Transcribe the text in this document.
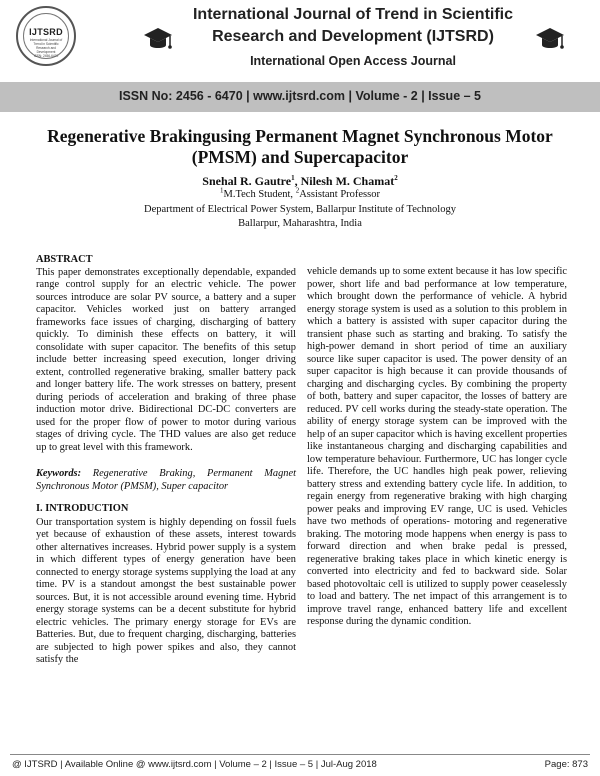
IJTSRD
International Journal of Trend in Scientific Research and Development
ISSN: 2456-6470
International Journal of Trend in Scientific
Research and Development (IJTSRD)
International Open Access Journal
ISSN No: 2456 - 6470 | www.ijtsrd.com | Volume - 2 | Issue – 5
Regenerative Brakingusing Permanent Magnet Synchronous Motor
(PMSM) and Supercapacitor
Snehal R. Gautre$^1$, Nilesh M. Chamat$^2$
$^1$M.Tech Student, $^2$Assistant Professor
Department of Electrical Power System, Ballarpur Institute of Technology
Ballarpur, Maharashtra, India
ABSTRACT

This paper demonstrates exceptionally dependable, expanded range control supply for an electric vehicle. The power sources introduce are solar PV source, a battery and a super capacitor. Vehicles worked just on battery arranged frameworks face issues of charging, discharging of battery quickly. To diminish these effects on battery, it will consolidate with super capacitor. The benefits of this setup include better increasing speed execution, longer driving extent, controlled regenerative braking, smaller battery pack and longer battery life. The work stresses on battery, present during periods of acceleration and braking of three phase induction motor drive. Bidirectional DC-DC converters are used for the proper flow of power to motor during various stages of driving cycle. The THD values are also get reduce up to great level with this framework.

Keywords: Regenerative Braking, Permanent Magnet Synchronous Motor (PMSM), Super capacitor

I. INTRODUCTION

Our transportation system is highly depending on fossil fuels yet because of exhaustion of these assets, interest towards other alternatives increases. Hybrid power supply is a system in which different types of energy generation have been connected to energy storage systems supplying the load at any time. PV is a standout amongst the best sustainable power sources. But, it is not accessible around evening time. Hybrid energy storage systems can be a decent substitute for hybrid electric vehicles. The primary energy storage for EVs are Batteries. But, due to frequent charging, discharging, batteries are subjected to high power spikes and also, they cannot satisfy the

vehicle demands up to some extent because it has low specific power, short life and bad performance at low temperature, which brought down the performance of vehicle. A hybrid energy storage system is used as a solution to this problem in which a battery is assisted with super capacitor during the transient phase such as starting and braking. To satisfy the high-power demand in short period of time an auxiliary source like super capacitor is used. The power density of an super capacitor is high because it can provide thousands of charging and discharging cycles. By combining the property of both, battery and super capacitor, the losses of battery are reduced. PV cell works during the steady-state operation. The ability of energy storage system can be improved with the help of an super capacitor which is having excellent properties like instantaneous charging and discharging capabilities and low temperature behaviour. Furthermore, UC has longer cycle life. Therefore, the UC handles high peak power, relieving battery stress and extending battery cycle life. In addition, to regain energy from regenerative braking with high charging power peaks and improving EV range, UC is used. Vehicles have two methods of operations- motoring and regenerative braking. The motoring mode happens when energy is pass to forward direction and when brake pedal is pressed, regenerative braking takes place in which kinetic energy is converted into electricity and fed to backward side. Solar based photovoltaic cell is utilized to supply power ceaselessly to load and battery. The net impact of this arrangement is to improve travel range, enhanced battery life and excellent response during the dynamic condition.

@ IJTSRD | Available Online @ www.ijtsrd.com | Volume – 2 | Issue – 5 | Jul-Aug 2018	Page: 873
